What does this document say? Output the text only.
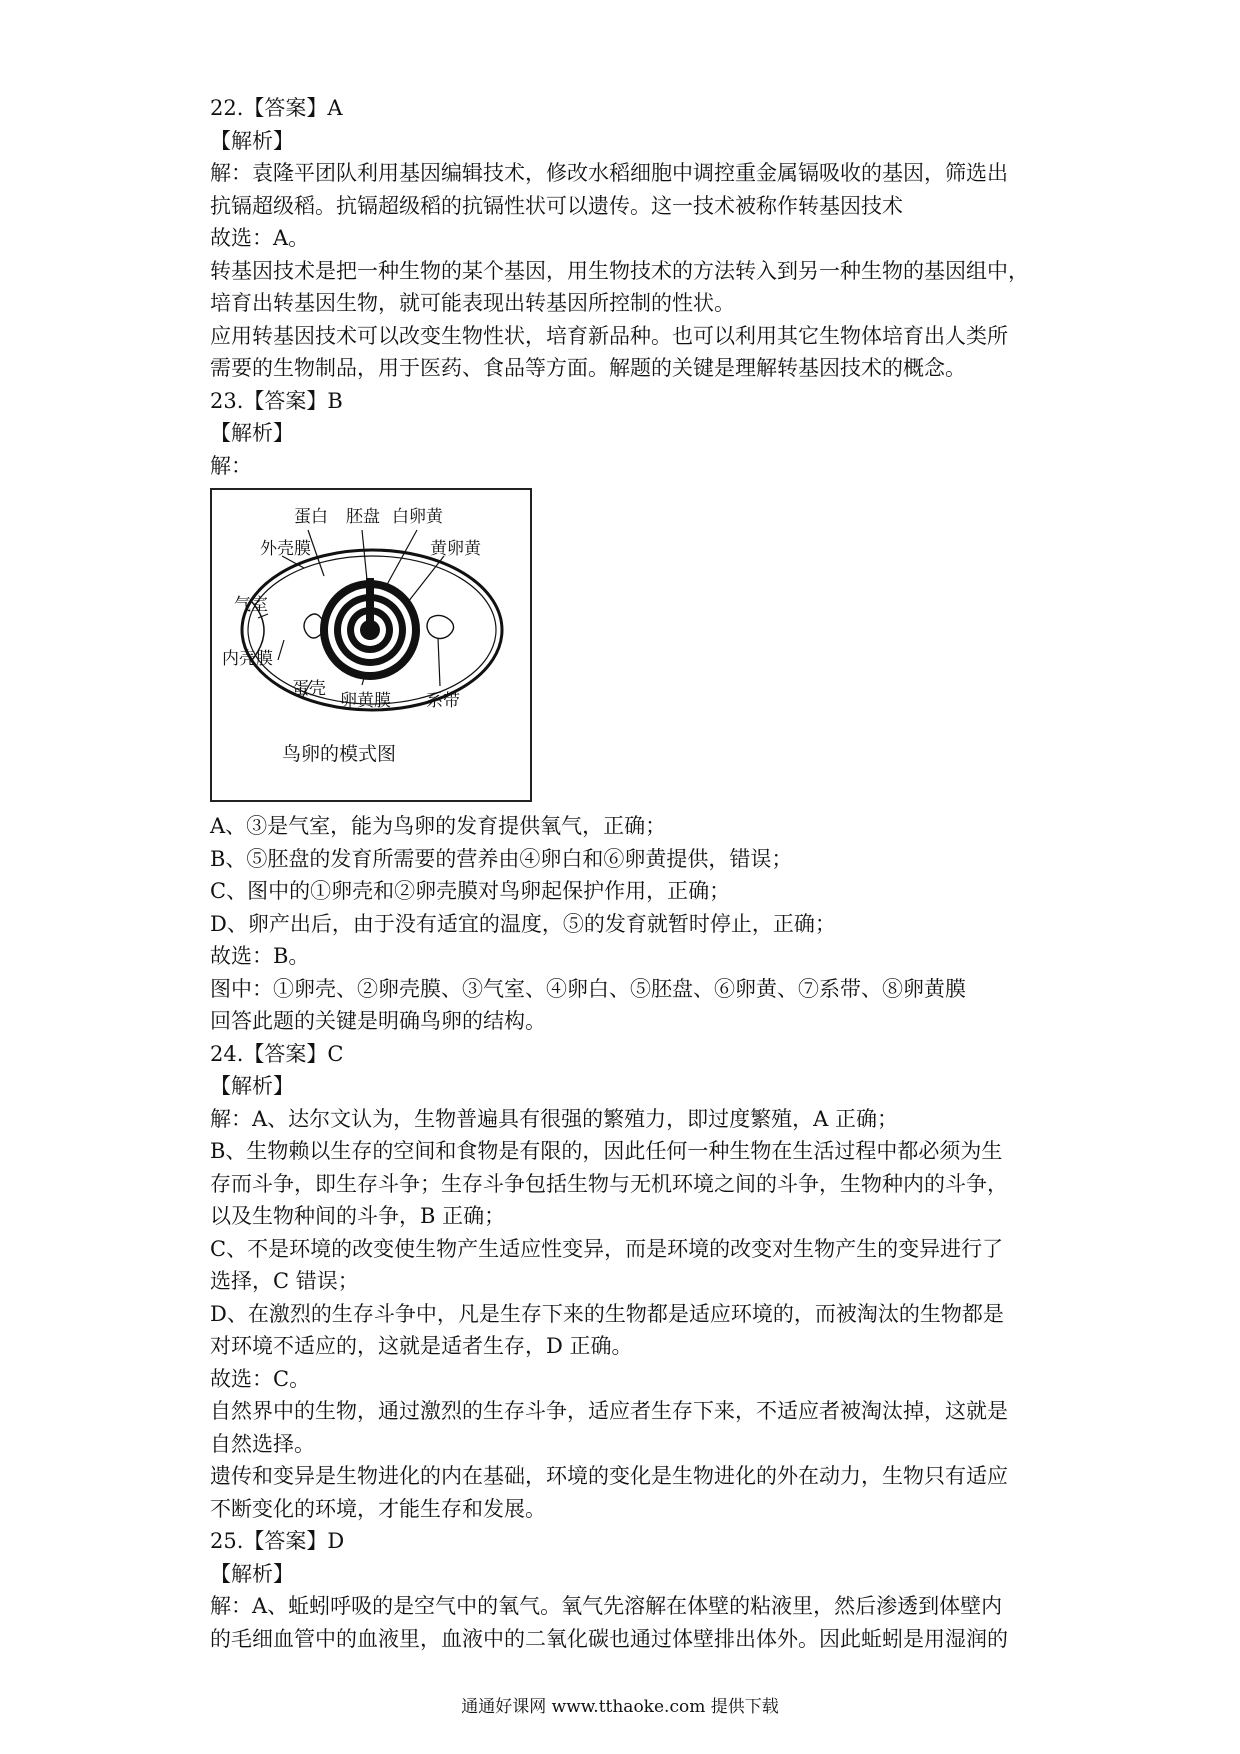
22.【答案】A
【解析】
解：袁隆平团队利用基因编辑技术，修改水稻细胞中调控重金属镉吸收的基因，筛选出
抗镉超级稻。抗镉超级稻的抗镉性状可以遗传。这一技术被称作转基因技术
故选：A。
转基因技术是把一种生物的某个基因，用生物技术的方法转入到另一种生物的基因组中，
培育出转基因生物，就可能表现出转基因所控制的性状。
应用转基因技术可以改变生物性状，培育新品种。也可以利用其它生物体培育出人类所
需要的生物制品，用于医药、食品等方面。解题的关键是理解转基因技术的概念。
23.【答案】B
【解析】
解：
蛋白 胚盘 白卵黄
外壳膜	黄卵黄
气室
内壳膜
蛋壳
卵黄膜 系带
鸟卵的模式图
A、③是气室，能为鸟卵的发育提供氧气，正确；
B、⑤胚盘的发育所需要的营养由④卵白和⑥卵黄提供，错误；
C、图中的①卵壳和②卵壳膜对鸟卵起保护作用，正确；
D、卵产出后，由于没有适宜的温度，⑤的发育就暂时停止，正确；
故选：B。
图中：①卵壳、②卵壳膜、③气室、④卵白、⑤胚盘、⑥卵黄、⑦系带、⑧卵黄膜
回答此题的关键是明确鸟卵的结构。
24.【答案】C
【解析】
解：A、达尔文认为，生物普遍具有很强的繁殖力，即过度繁殖，A 正确；
B、生物赖以生存的空间和食物是有限的，因此任何一种生物在生活过程中都必须为生
存而斗争，即生存斗争；生存斗争包括生物与无机环境之间的斗争，生物种内的斗争，
以及生物种间的斗争，B 正确；
C、不是环境的改变使生物产生适应性变异，而是环境的改变对生物产生的变异进行了
选择，C 错误；
D、在激烈的生存斗争中，凡是生存下来的生物都是适应环境的，而被淘汰的生物都是
对环境不适应的，这就是适者生存，D 正确。
故选：C。
自然界中的生物，通过激烈的生存斗争，适应者生存下来，不适应者被淘汰掉，这就是
自然选择。
遗传和变异是生物进化的内在基础，环境的变化是生物进化的外在动力，生物只有适应
不断变化的环境，才能生存和发展。
25.【答案】D
【解析】
解：A、蚯蚓呼吸的是空气中的氧气。氧气先溶解在体壁的粘液里，然后渗透到体壁内
的毛细血管中的血液里，血液中的二氧化碳也通过体壁排出体外。因此蚯蚓是用湿润的
通通好课网 www.tthaoke.com 提供下载
